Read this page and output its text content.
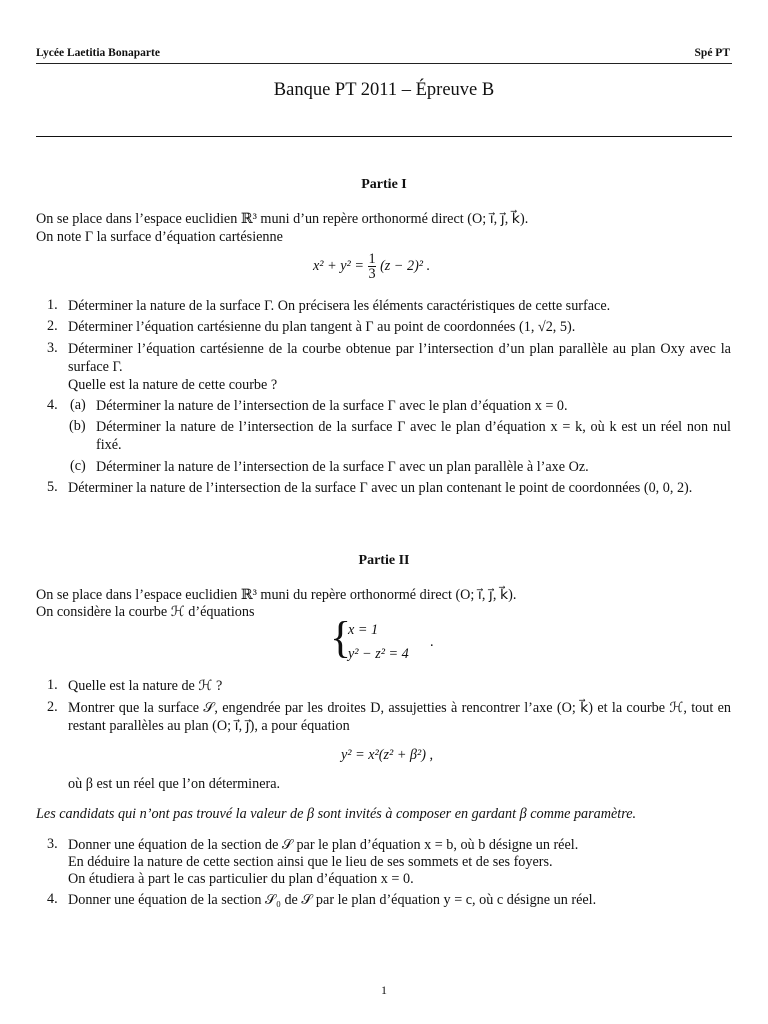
Lycée Laetitia Bonaparte	Spé PT
Banque PT 2011 – Épreuve B
Partie I
On se place dans l’espace euclidien ℝ³ muni d’un repère orthonormé direct (O; i⃗, j⃗, k⃗).
On note Γ la surface d’équation cartésienne
$x^2 + y^2 = \frac{1}{3} (z - 2)^2$ .
1. Déterminer la nature de la surface Γ. On précisera les éléments caractéristiques de cette surface.
2. Déterminer l’équation cartésienne du plan tangent à Γ au point de coordonnées (1, √2, 5).
3. Déterminer l’équation cartésienne de la courbe obtenue par l’intersection d’un plan parallèle au plan Oxy avec la surface Γ.
Quelle est la nature de cette courbe ?
4. (a) Déterminer la nature de l’intersection de la surface Γ avec le plan d’équation x = 0.
(b) Déterminer la nature de l’intersection de la surface Γ avec le plan d’équation x = k, où k est un réel non nul fixé.
(c) Déterminer la nature de l’intersection de la surface Γ avec un plan parallèle à l’axe Oz.
5. Déterminer la nature de l’intersection de la surface Γ avec un plan contenant le point de coordonnées (0, 0, 2).
Partie II
On se place dans l’espace euclidien ℝ³ muni du repère orthonormé direct (O; i⃗, j⃗, k⃗).
On considère la courbe ℋ d’équations
{
x = 1
y² − z² = 4
.
1. Quelle est la nature de ℋ ?
2. Montrer que la surface 𝒮, engendrée par les droites D, assujetties à rencontrer l’axe (O; k⃗) et la courbe ℋ, tout en restant parallèles au plan (O; i⃗, j⃗), a pour équation
y² = x²(z² + β²) ,
où β est un réel que l’on déterminera.
Les candidats qui n’ont pas trouvé la valeur de β sont invités à composer en gardant β comme paramètre.
3. Donner une équation de la section de 𝒮 par le plan d’équation x = b, où b désigne un réel.
En déduire la nature de cette section ainsi que le lieu de ses sommets et de ses foyers.
On étudiera à part le cas particulier du plan d’équation x = 0.
4. Donner une équation de la section 𝒮₀ de 𝒮 par le plan d’équation y = c, où c désigne un réel.
1
